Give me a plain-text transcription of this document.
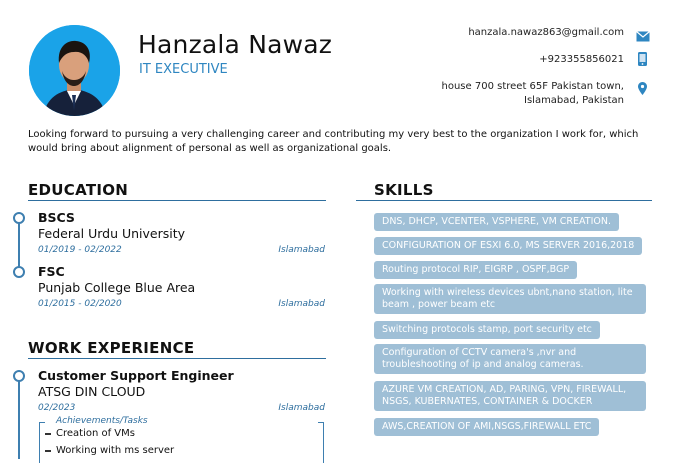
Hanzala Nawaz
IT EXECUTIVE
hanzala.nawaz863@gmail.com
+923355856021
house 700 street 65F Pakistan town,
Islamabad, Pakistan
Looking forward to pursuing a very challenging career and contributing my very best to the organization I work for, which would bring about alignment of personal as well as organizational goals.
EDUCATION
BSCS
Federal Urdu University
01/2019 - 02/2022	Islamabad
FSC
Punjab College Blue Area
01/2015 - 02/2020	Islamabad
WORK EXPERIENCE
Customer Support Engineer
ATSG DIN CLOUD
02/2023	Islamabad
Achievements/Tasks
Creation of VMs
Working with ms server
SKILLS
DNS, DHCP, VCENTER, VSPHERE, VM CREATION.
CONFIGURATION OF ESXI 6.0, MS SERVER 2016,2018
Routing protocol RIP, EIGRP , OSPF,BGP
Working with wireless devices ubnt,nano station, lite beam , power beam etc
Switching protocols stamp, port security etc
Configuration of CCTV camera's ,nvr and troubleshooting of ip and analog cameras.
AZURE VM CREATION, AD, PARING, VPN, FIREWALL, NSGS, KUBERNATES, CONTAINER & DOCKER
AWS,CREATION OF AMI,NSGS,FIREWALL ETC
